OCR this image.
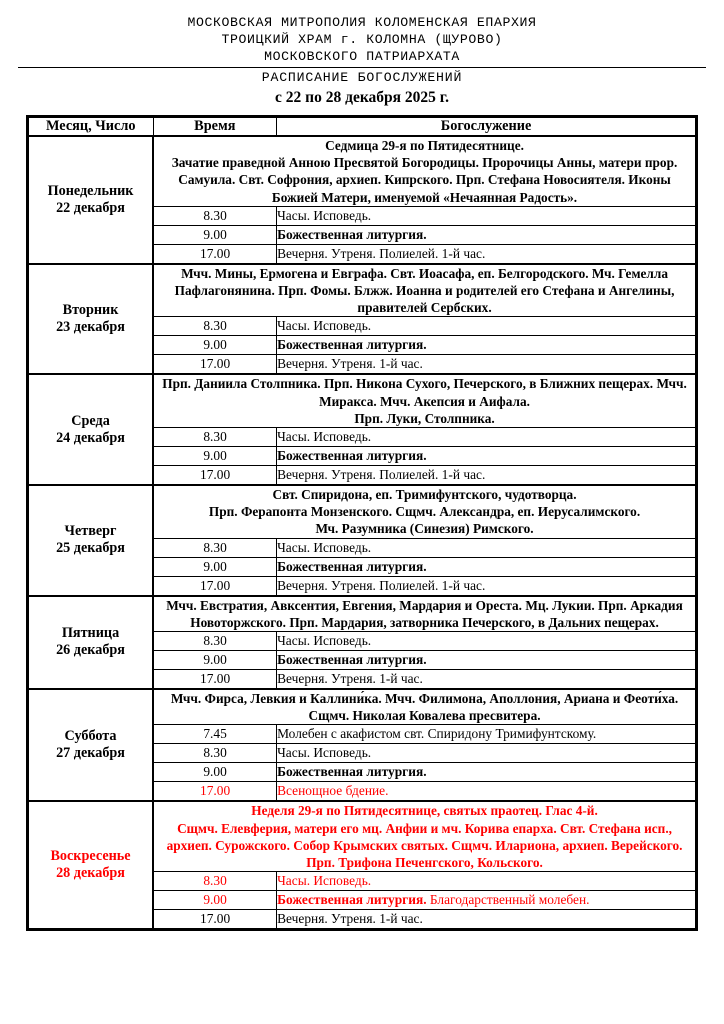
МОСКОВСКАЯ МИТРОПОЛИЯ КОЛОМЕНСКАЯ ЕПАРХИЯ
ТРОИЦКИЙ ХРАМ г. КОЛОМНА (ЩУРОВО)
МОСКОВСКОГО ПАТРИАРХАТА
РАСПИСАНИЕ БОГОСЛУЖЕНИЙ
с 22 по 28 декабря 2025 г.
Месяц, Число	Время	Богослужение

Понедельник
22 декабря

Седмица 29-я по Пятидесятнице.
Зачатие праведной Анною Пресвятой Богородицы. Пророчицы Анны, матери прор. Самуила. Свт. Софрония, архиеп. Кипрского. Прп. Стефана Новосиятеля. Иконы Божией Матери, именуемой «Нечаянная Радость».

	8.30	Часы. Исповедь.
	9.00	Божественная литургия.
	17.00	Вечерня. Утреня. Полиелей. 1-й час.

Вторник
23 декабря	Мчч. Мины, Ермогена и Евграфа. Свт. Иоасафа, еп. Белгородского. Мч. Гемелла Пафлагонянина. Прп. Фомы. Блжж. Иоанна и родителей его Стефана и Ангелины, правителей Сербских.	

	8.30	Часы. Исповедь.
	9.00	Божественная литургия.
	17.00	Вечерня. Утреня. 1-й час.

Среда
24 декабря

Прп. Даниила Столпника. Прп. Никона Сухого, Печерского, в Ближних пещерах. Мчч. Миракса. Мчч. Акепсия и Аифала.
Прп. Луки, Столпника.

	8.30	Часы. Исповедь.
	9.00	Божественная литургия.
	17.00	Вечерня. Утреня. Полиелей. 1-й час.

Четверг
25 декабря

Свт. Спиридона, еп. Тримифунтского, чудотворца.
Прп. Ферапонта Монзенского. Сщмч. Александра, еп. Иерусалимского.
Мч. Разумника (Синезия) Римского.

	8.30	Часы. Исповедь.
	9.00	Божественная литургия.
	17.00	Вечерня. Утреня. Полиелей. 1-й час.

Пятница
26 декабря	Мчч. Евстратия, Авксентия, Евгения, Мардария и Ореста. Мц. Лукии. Прп. Аркадия Новоторжского. Прп. Мардария, затворника Печерского, в Дальних пещерах.	

	8.30	Часы. Исповедь.
	9.00	Божественная литургия.
	17.00	Вечерня. Утреня. 1-й час.

Суббота
27 декабря	Мчч. Фирса, Левкия и Каллини́ка. Мчч. Филимона, Аполлония, Ариана и Феоти́ха. Сщмч. Николая Ковалева пресвитера.	

	7.45	Молебен с акафистом свт. Спиридону Тримифунтскому.
	8.30	Часы. Исповедь.
	9.00	Божественная литургия.
	17.00	Всенощное бдение.

Воскресенье
28 декабря

Неделя 29-я по Пятидесятнице, святых праотец. Глас 4-й.
Сщмч. Елевферия, матери его мц. Анфии и мч. Корива епарха. Свт. Стефана исп., архиеп. Сурожского. Собор Крымских святых. Сщмч. Илариона, архиеп. Верейского. Прп. Трифона Печенгского, Кольского.

	8.30	Часы. Исповедь.
	9.00	Божественная литургия. Благодарственный молебен.
	17.00	Вечерня. Утреня. 1-й час.
